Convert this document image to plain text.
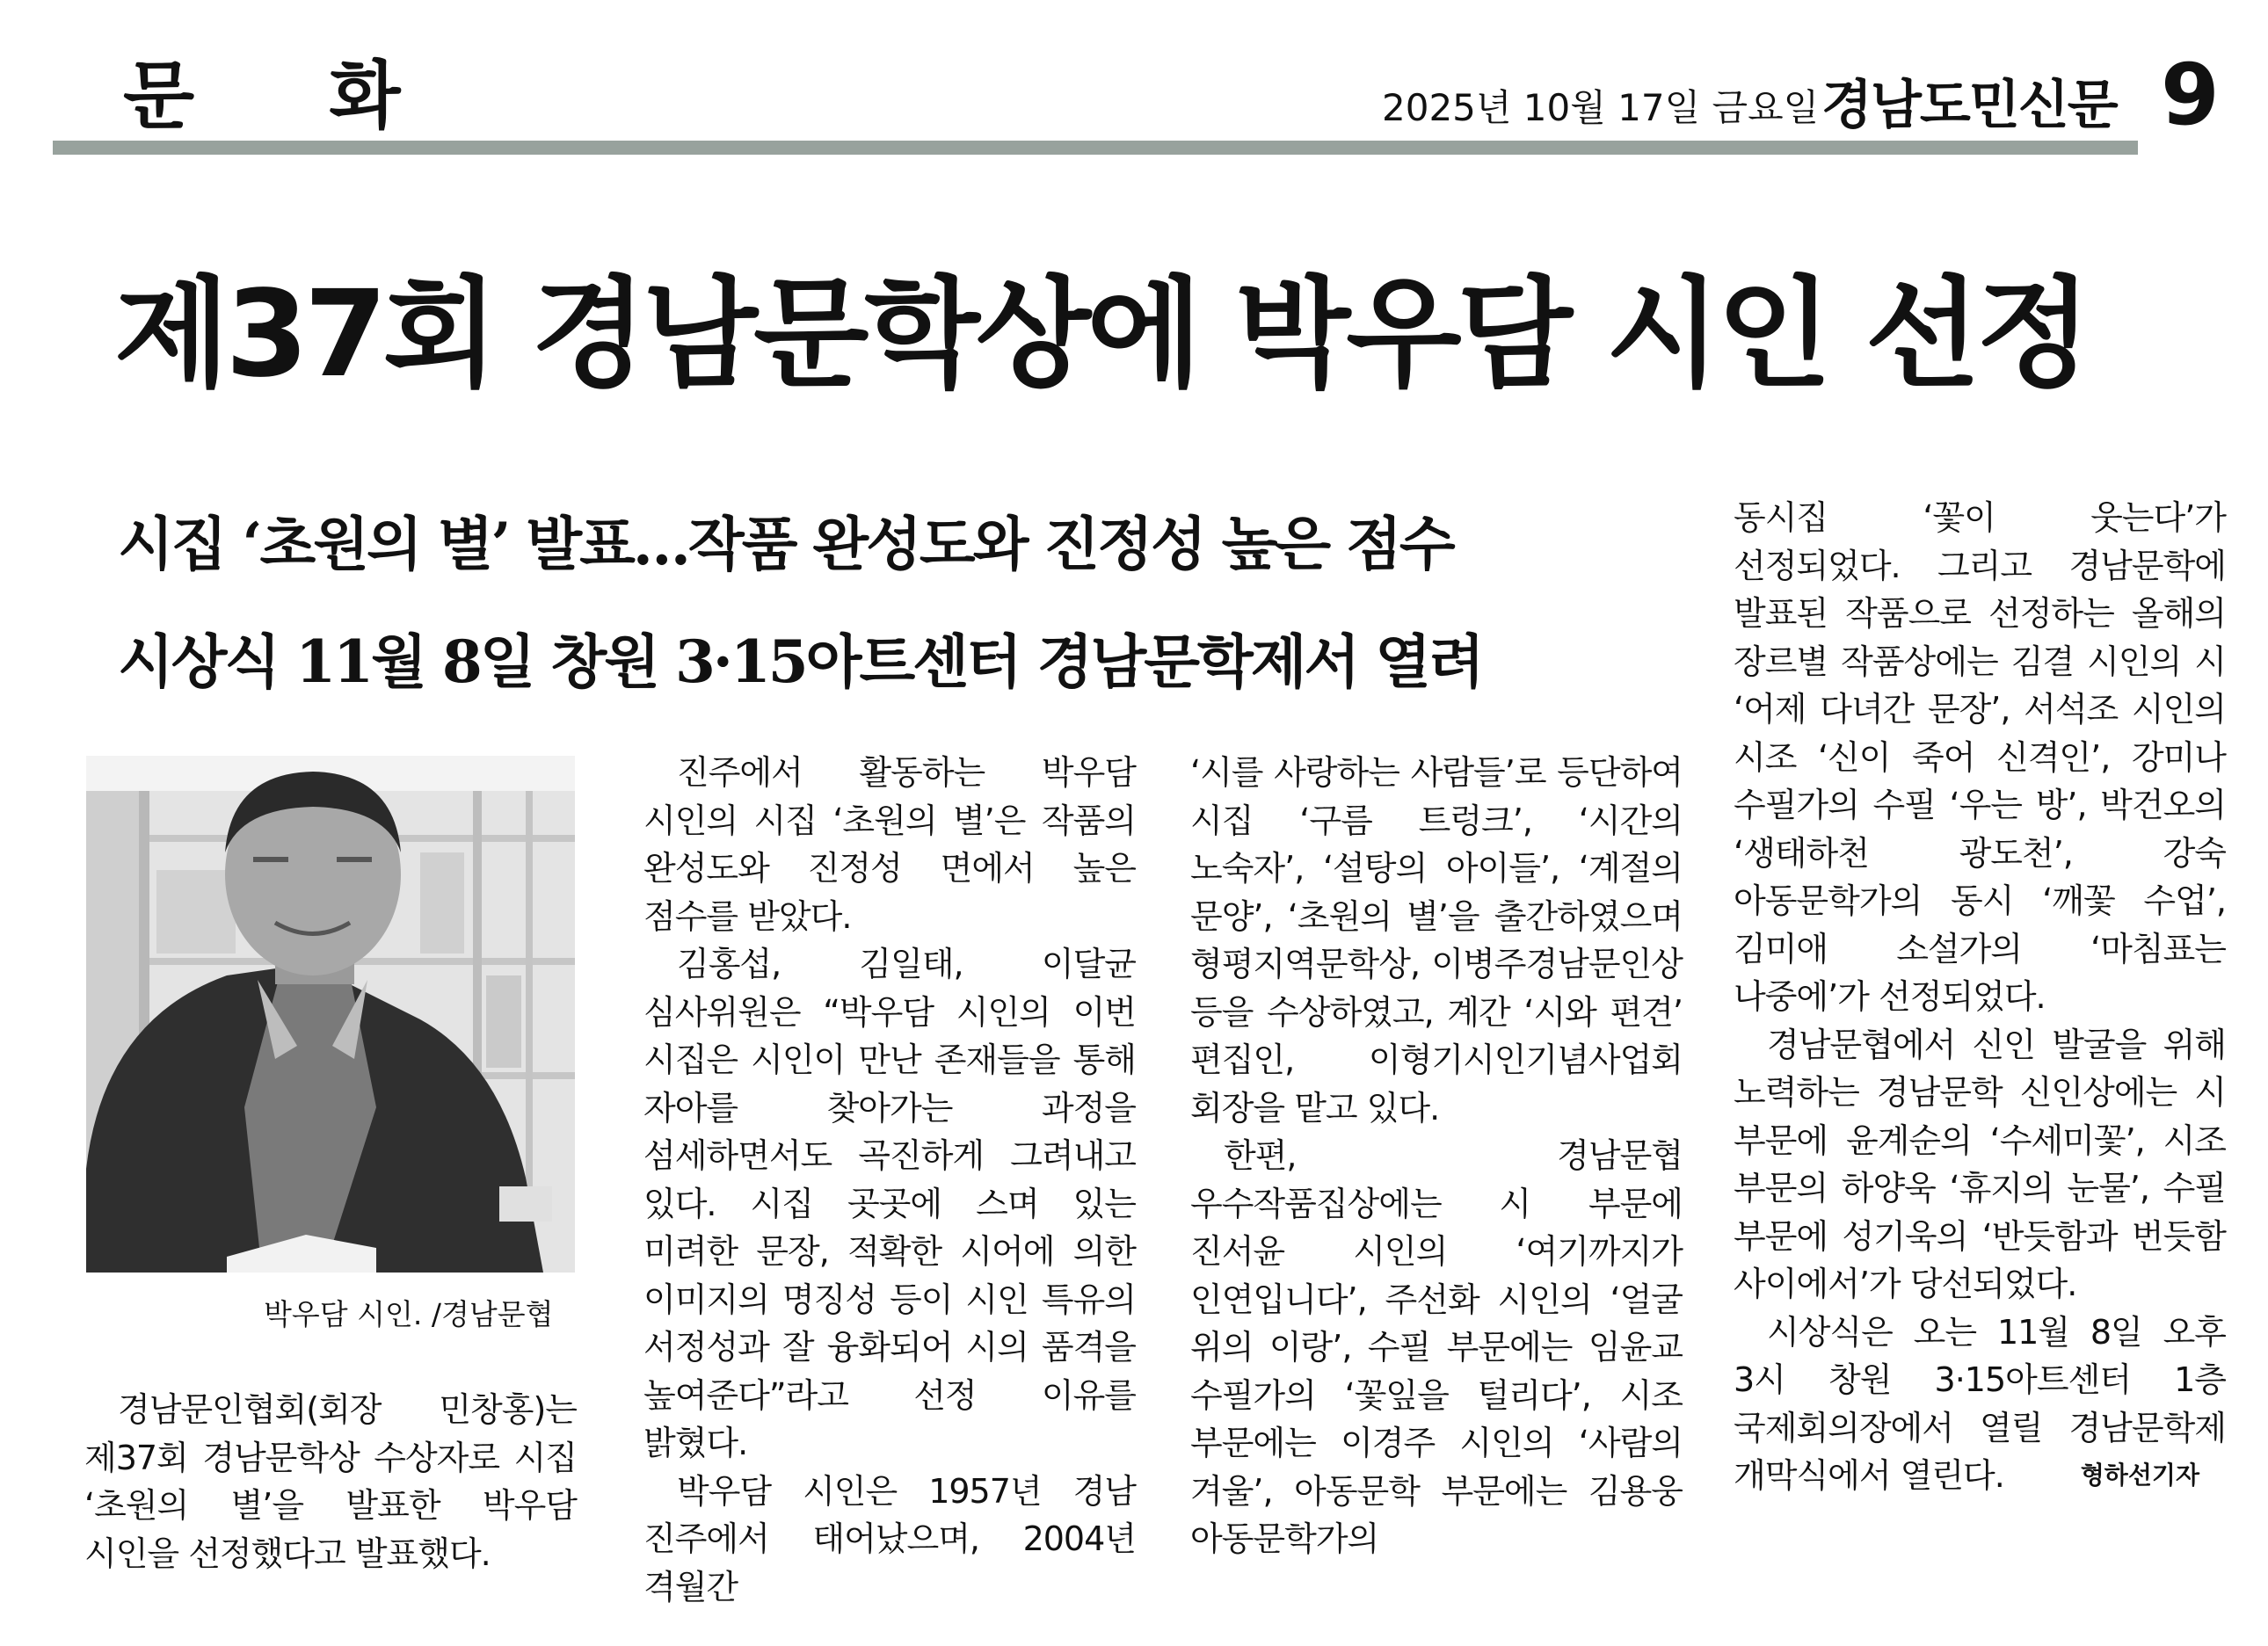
문 화	2025년 10월 17일 금요일 경남도민신문 9
제37회 경남문학상에 박우담 시인 선정
시집 ‘초원의 별’ 발표…작품 완성도와 진정성 높은 점수
시상식 11월 8일 창원 3·15아트센터 경남문학제서 열려
박우담 시인. /경남문협

경남문인협회(회장 민창홍)는 제37회 경남문학상 수상자로 시집 ‘초원의 별’을 발표한 박우담 시인을 선정했다고 발표했다.

진주에서 활동하는 박우담 시인의 시집 ‘초원의 별’은 작품의 완성도와 진정성 면에서 높은 점수를 받았다.

김홍섭, 김일태, 이달균 심사위원은 “박우담 시인의 이번 시집은 시인이 만난 존재들을 통해 자아를 찾아가는 과정을 섬세하면서도 곡진하게 그려내고 있다. 시집 곳곳에 스며 있는 미려한 문장, 적확한 시어에 의한 이미지의 명징성 등이 시인 특유의 서정성과 잘 융화되어 시의 품격을 높여준다”라고 선정 이유를 밝혔다.

박우담 시인은 1957년 경남 진주에서 태어났으며, 2004년 격월간

‘시를 사랑하는 사람들’로 등단하여 시집 ‘구름 트렁크’, ‘시간의 노숙자’, ‘설탕의 아이들’, ‘계절의 문양’, ‘초원의 별’을 출간하였으며 형평지역문학상, 이병주경남문인상 등을 수상하였고, 계간 ‘시와 편견’ 편집인, 이형기시인기념사업회 회장을 맡고 있다.

한편, 경남문협 우수작품집상에는 시 부문에 진서윤 시인의 ‘여기까지가 인연입니다’, 주선화 시인의 ‘얼굴 위의 이랑’, 수필 부문에는 임윤교 수필가의 ‘꽃잎을 털리다’, 시조 부문에는 이경주 시인의 ‘사람의 겨울’, 아동문학 부문에는 김용웅 아동문학가의

동시집 ‘꽃이 웃는다’가 선정되었다. 그리고 경남문학에 발표된 작품으로 선정하는 올해의 장르별 작품상에는 김결 시인의 시 ‘어제 다녀간 문장’, 서석조 시인의 시조 ‘신이 죽어 신격인’, 강미나 수필가의 수필 ‘우는 방’, 박건오의 ‘생태하천 광도천’, 강숙 아동문학가의 동시 ‘깨꽃 수업’, 김미애 소설가의 ‘마침표는 나중에’가 선정되었다.

경남문협에서 신인 발굴을 위해 노력하는 경남문학 신인상에는 시 부문에 윤계순의 ‘수세미꽃’, 시조 부문의 하양욱 ‘휴지의 눈물’, 수필 부문에 성기욱의 ‘반듯함과 번듯함 사이에서’가 당선되었다.

시상식은 오는 11월 8일 오후 3시 창원 3·15아트센터 1층 국제회의장에서 열릴 경남문학제 개막식에서 열린다.	형하선기자
